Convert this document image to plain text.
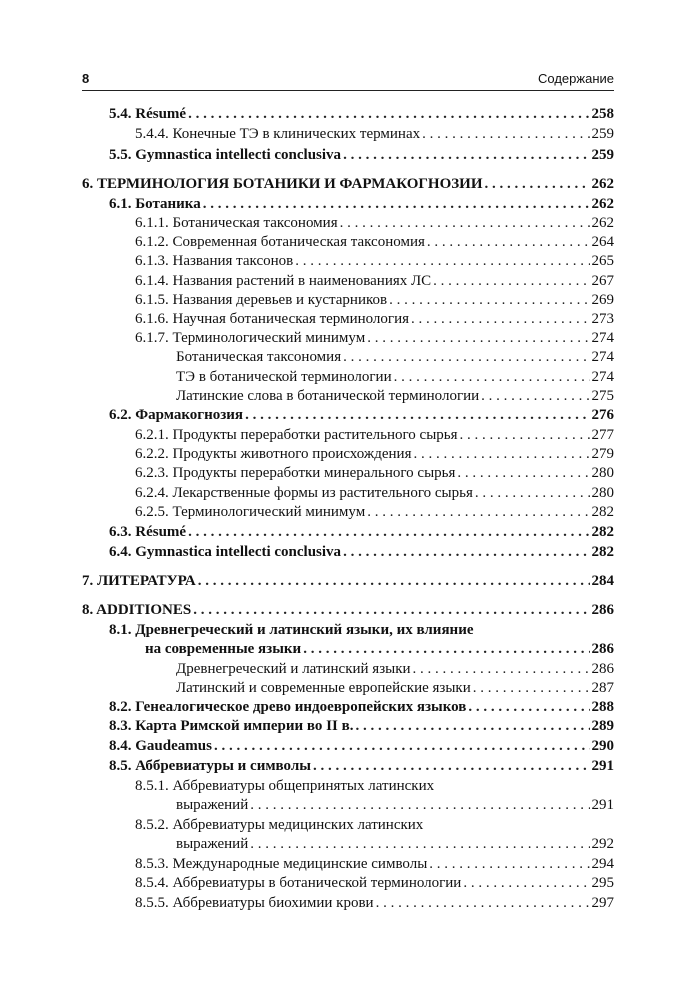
8	Содержание
5.4. Résumé . . .	258
5.4.4. Конечные ТЭ в клинических терминах . . .	259
5.5. Gymnastica intellecti conclusiva . . .	259
6. ТЕРМИНОЛОГИЯ БОТАНИКИ И ФАРМАКОГНОЗИИ . . .	262
6.1. Ботаника . . .	262
6.1.1. Ботаническая таксономия . . .	262
6.1.2. Современная ботаническая таксономия . . .	264
6.1.3. Названия таксонов . . .	265
6.1.4. Названия растений в наименованиях ЛС . . .	267
6.1.5. Названия деревьев и кустарников . . .	269
6.1.6. Научная ботаническая терминология . . .	273
6.1.7. Терминологический минимум . . .	274
Ботаническая таксономия . . .	274
ТЭ в ботанической терминологии . . .	274
Латинские слова в ботанической терминологии . . .	275
6.2. Фармакогнозия . . .	276
6.2.1. Продукты переработки растительного сырья . . .	277
6.2.2. Продукты животного происхождения . . .	279
6.2.3. Продукты переработки минерального сырья . . .	280
6.2.4. Лекарственные формы из растительного сырья . . .	280
6.2.5. Терминологический минимум . . .	282
6.3. Résumé . . .	282
6.4. Gymnastica intellecti conclusiva . . .	282
7. ЛИТЕРАТУРА . . .	284
8. ADDITIONES . . .	286
8.1. Древнегреческий и латинский языки, их влияние
на современные языки . . .	286
Древнегреческий и латинский языки . . .	286
Латинский и современные европейские языки . . .	287
8.2. Генеалогическое древо индоевропейских языков . . .	288
8.3. Карта Римской империи во II в. . . .	289
8.4. Gaudeamus . . .	290
8.5. Аббревиатуры и символы . . .	291
8.5.1. Аббревиатуры общепринятых латинских
выражений . . .	291
8.5.2. Аббревиатуры медицинских латинских
выражений . . .	292
8.5.3. Международные медицинские символы . . .	294
8.5.4. Аббревиатуры в ботанической терминологии . . .	295
8.5.5. Аббревиатуры биохимии крови . . .	297
